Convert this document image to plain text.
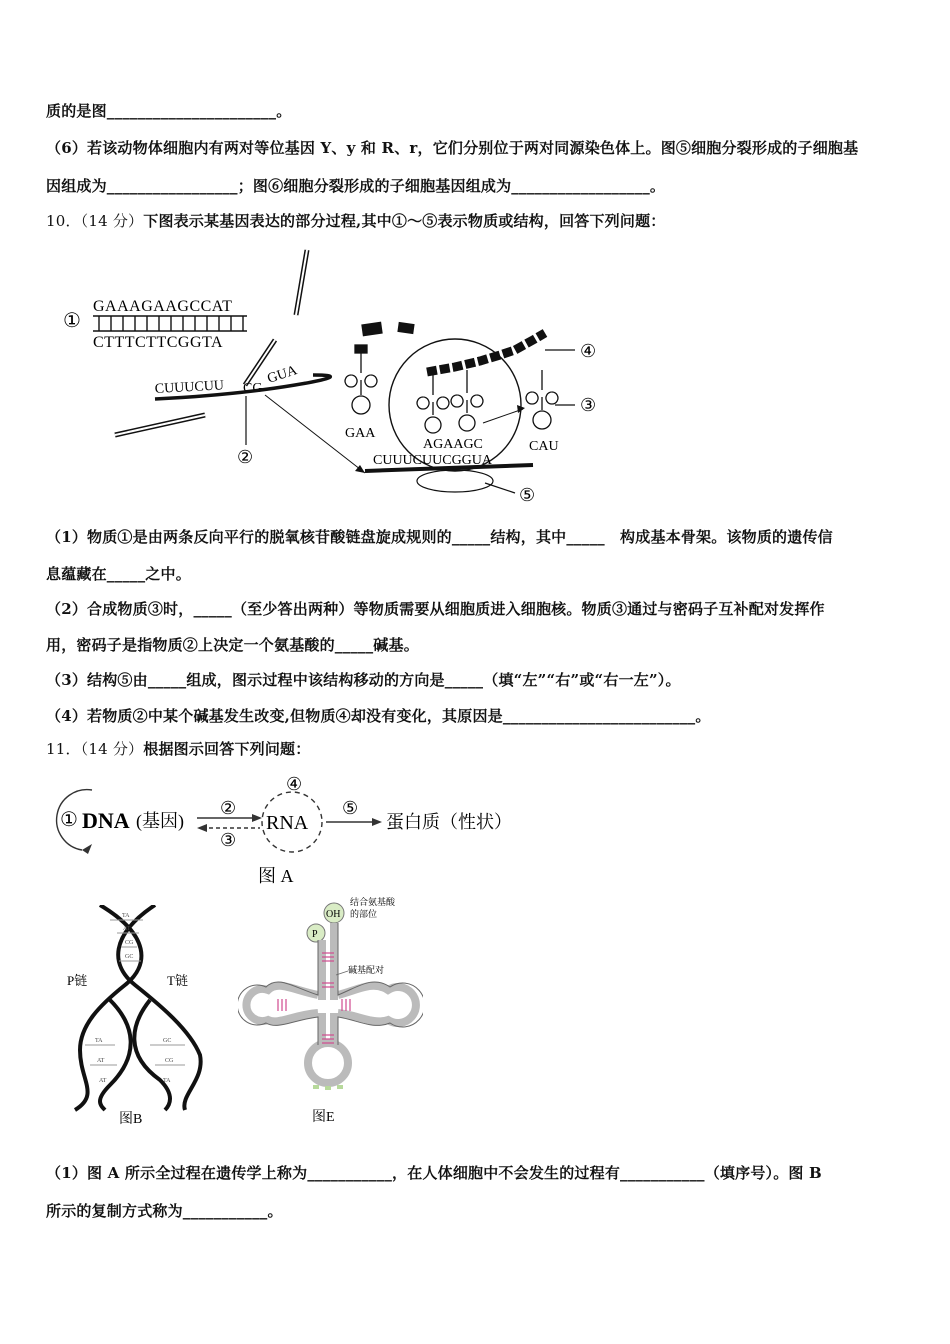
质的是图______________________。
（6）若该动物体细胞内有两对等位基因 Y、y 和 R、r，它们分别位于两对同源染色体上。图⑤细胞分裂形成的子细胞基
因组成为_________________；图⑥细胞分裂形成的子细胞基因组成为__________________。
10．（14 分）下图表示某基因表达的部分过程,其中①～⑤表示物质或结构，回答下列问题：
①
GAAAGAAGCCAT
CTTTCTTCGGTA
CUUUCUU CG
GUA
②
④
GAA
AGAAGC
③
CAU
CUUUCUUCGGUA
⑤
（1）物质①是由两条反向平行的脱氧核苷酸链盘旋成规则的_____结构，其中_____　构成基本骨架。该物质的遗传信
息蕴藏在_____之中。
（2）合成物质③时，_____（至少答出两种）等物质需要从细胞质进入细胞核。物质③通过与密码子互补配对发挥作
用，密码子是指物质②上决定一个氨基酸的_____碱基。
（3）结构⑤由_____组成，图示过程中该结构移动的方向是_____（填“左”“右”或“右一左”）。
（4）若物质②中某个碱基发生改变,但物质④却没有变化，其原因是_________________________。
11．（14 分）根据图示回答下列问题：
① DNA (基因)
②
③
④
RNA
⑤
蛋白质（性状）
图 A
P链	T链
TA
AT
CG
GC
TA
AT
GC
CG
AT	TA
图B
OH
结合氨基酸
的部位
P
碱基配对
图E
（1）图 A 所示全过程在遗传学上称为___________，在人体细胞中不会发生的过程有___________（填序号）。图 B
所示的复制方式称为___________。
